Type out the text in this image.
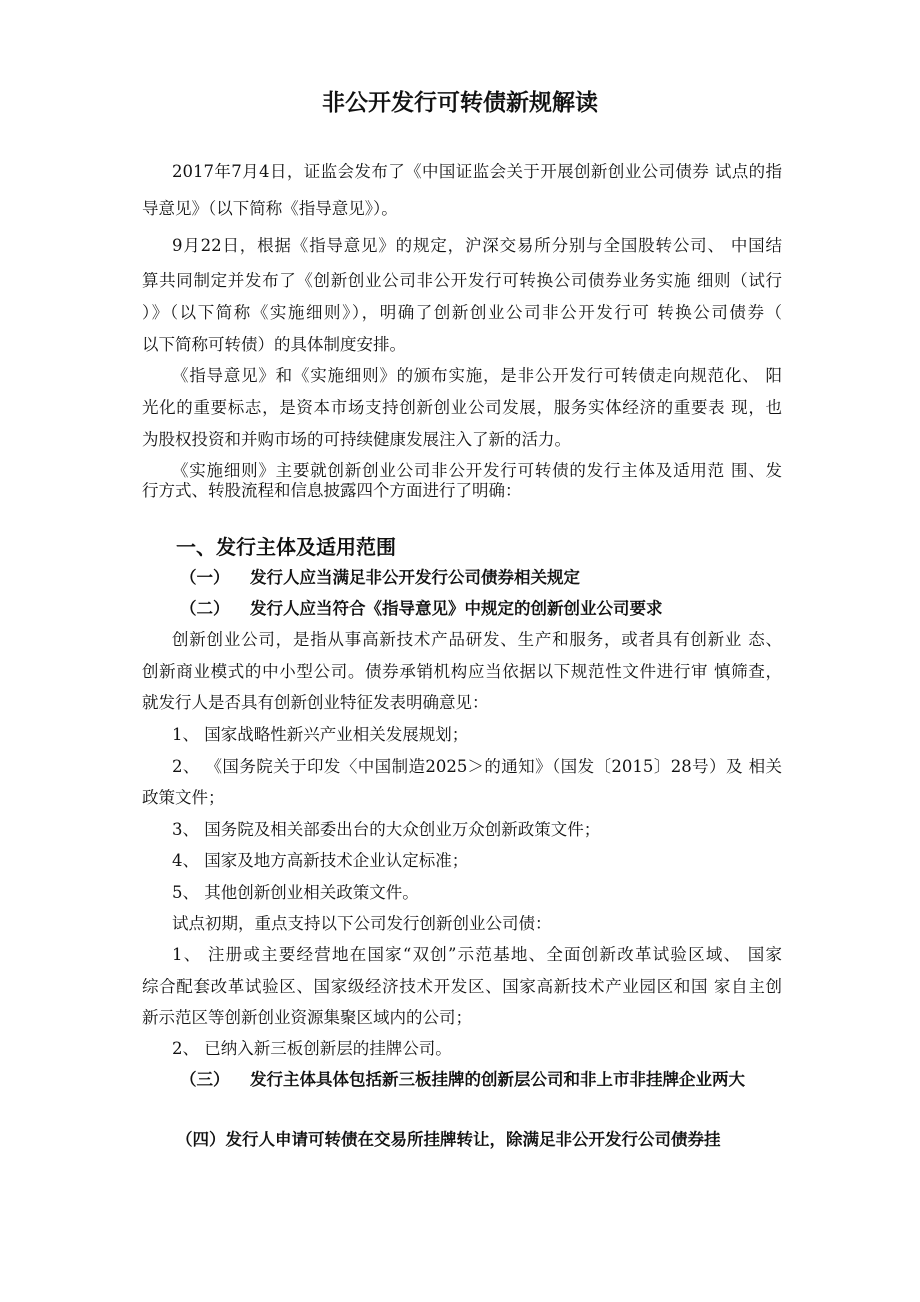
非公开发行可转债新规解读
2017年7月4日，证监会发布了《中国证监会关于开展创新创业公司债券 试点的指
导意见》（以下简称《指导意见》）。
9月22日，根据《指导意见》的规定，沪深交易所分别与全国股转公司、 中国结
算共同制定并发布了《创新创业公司非公开发行可转换公司债券业务实施 细则（试行
）》（以下简称《实施细则》），明确了创新创业公司非公开发行可 转换公司债券（
以下简称可转债）的具体制度安排。
《指导意见》和《实施细则》的颁布实施，是非公开发行可转债走向规范化、 阳
光化的重要标志，是资本市场支持创新创业公司发展，服务实体经济的重要表 现，也
为股权投资和并购市场的可持续健康发展注入了新的活力。
《实施细则》主要就创新创业公司非公开发行可转债的发行主体及适用范 围、发
行方式、转股流程和信息披露四个方面进行了明确：
一、发行主体及适用范围
（一） 发行人应当满足非公开发行公司债券相关规定
（二） 发行人应当符合《指导意见》中规定的创新创业公司要求
创新创业公司，是指从事高新技术产品研发、生产和服务，或者具有创新业 态、
创新商业模式的中小型公司。债券承销机构应当依据以下规范性文件进行审 慎筛查，
就发行人是否具有创新创业特征发表明确意见：
1、 国家战略性新兴产业相关发展规划；
2、 《国务院关于印发〈中国制造2025＞的通知》（国发〔2015〕28号）及 相关
政策文件；
3、 国务院及相关部委出台的大众创业万众创新政策文件；
4、 国家及地方高新技术企业认定标准；
5、 其他创新创业相关政策文件。
试点初期，重点支持以下公司发行创新创业公司债：
1、 注册或主要经营地在国家“双创”示范基地、全面创新改革试验区域、 国家
综合配套改革试验区、国家级经济技术开发区、国家高新技术产业园区和国 家自主创
新示范区等创新创业资源集聚区域内的公司；
2、 已纳入新三板创新层的挂牌公司。
（三） 发行主体具体包括新三板挂牌的创新层公司和非上市非挂牌企业两大
（四）发行人申请可转债在交易所挂牌转让，除满足非公开发行公司债券挂
